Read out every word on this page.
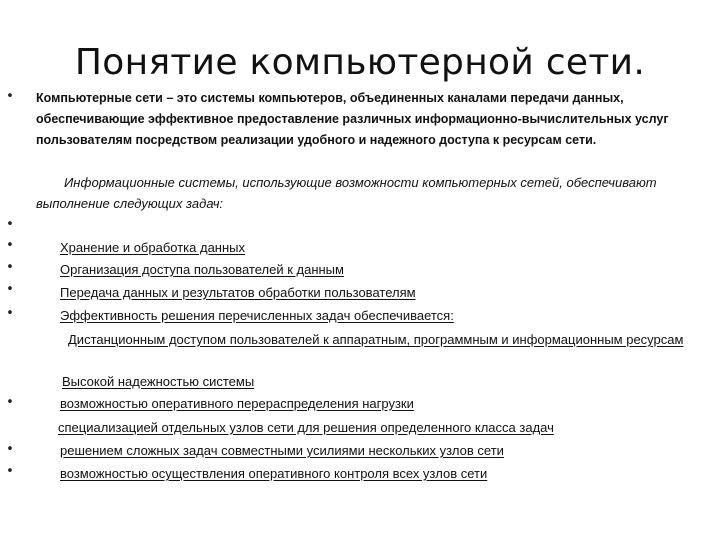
Понятие компьютерной сети.
•
•
•
•
•
•
•
•
•
Компьютерные сети – это системы компьютеров, объединенных каналами передачи данных, обеспечивающие эффективное предоставление различных информационно-вычислительных услуг пользователям посредством реализации удобного и надежного доступа к ресурсам сети.
Информационные системы, использующие возможности компьютерных сетей, обеспечивают выполнение следующих задач:
Хранение и обработка данных
Организация доступа пользователей к данным
Передача данных и результатов обработки пользователям
Эффективность решения перечисленных задач обеспечивается:
Дистанционным доступом пользователей к аппаратным, программным и информационным ресурсам
Высокой надежностью системы
возможностью оперативного перераспределения нагрузки
специализацией отдельных узлов сети для решения определенного класса задач
решением сложных задач совместными усилиями нескольких узлов сети
возможностью осуществления оперативного контроля всех узлов сети
